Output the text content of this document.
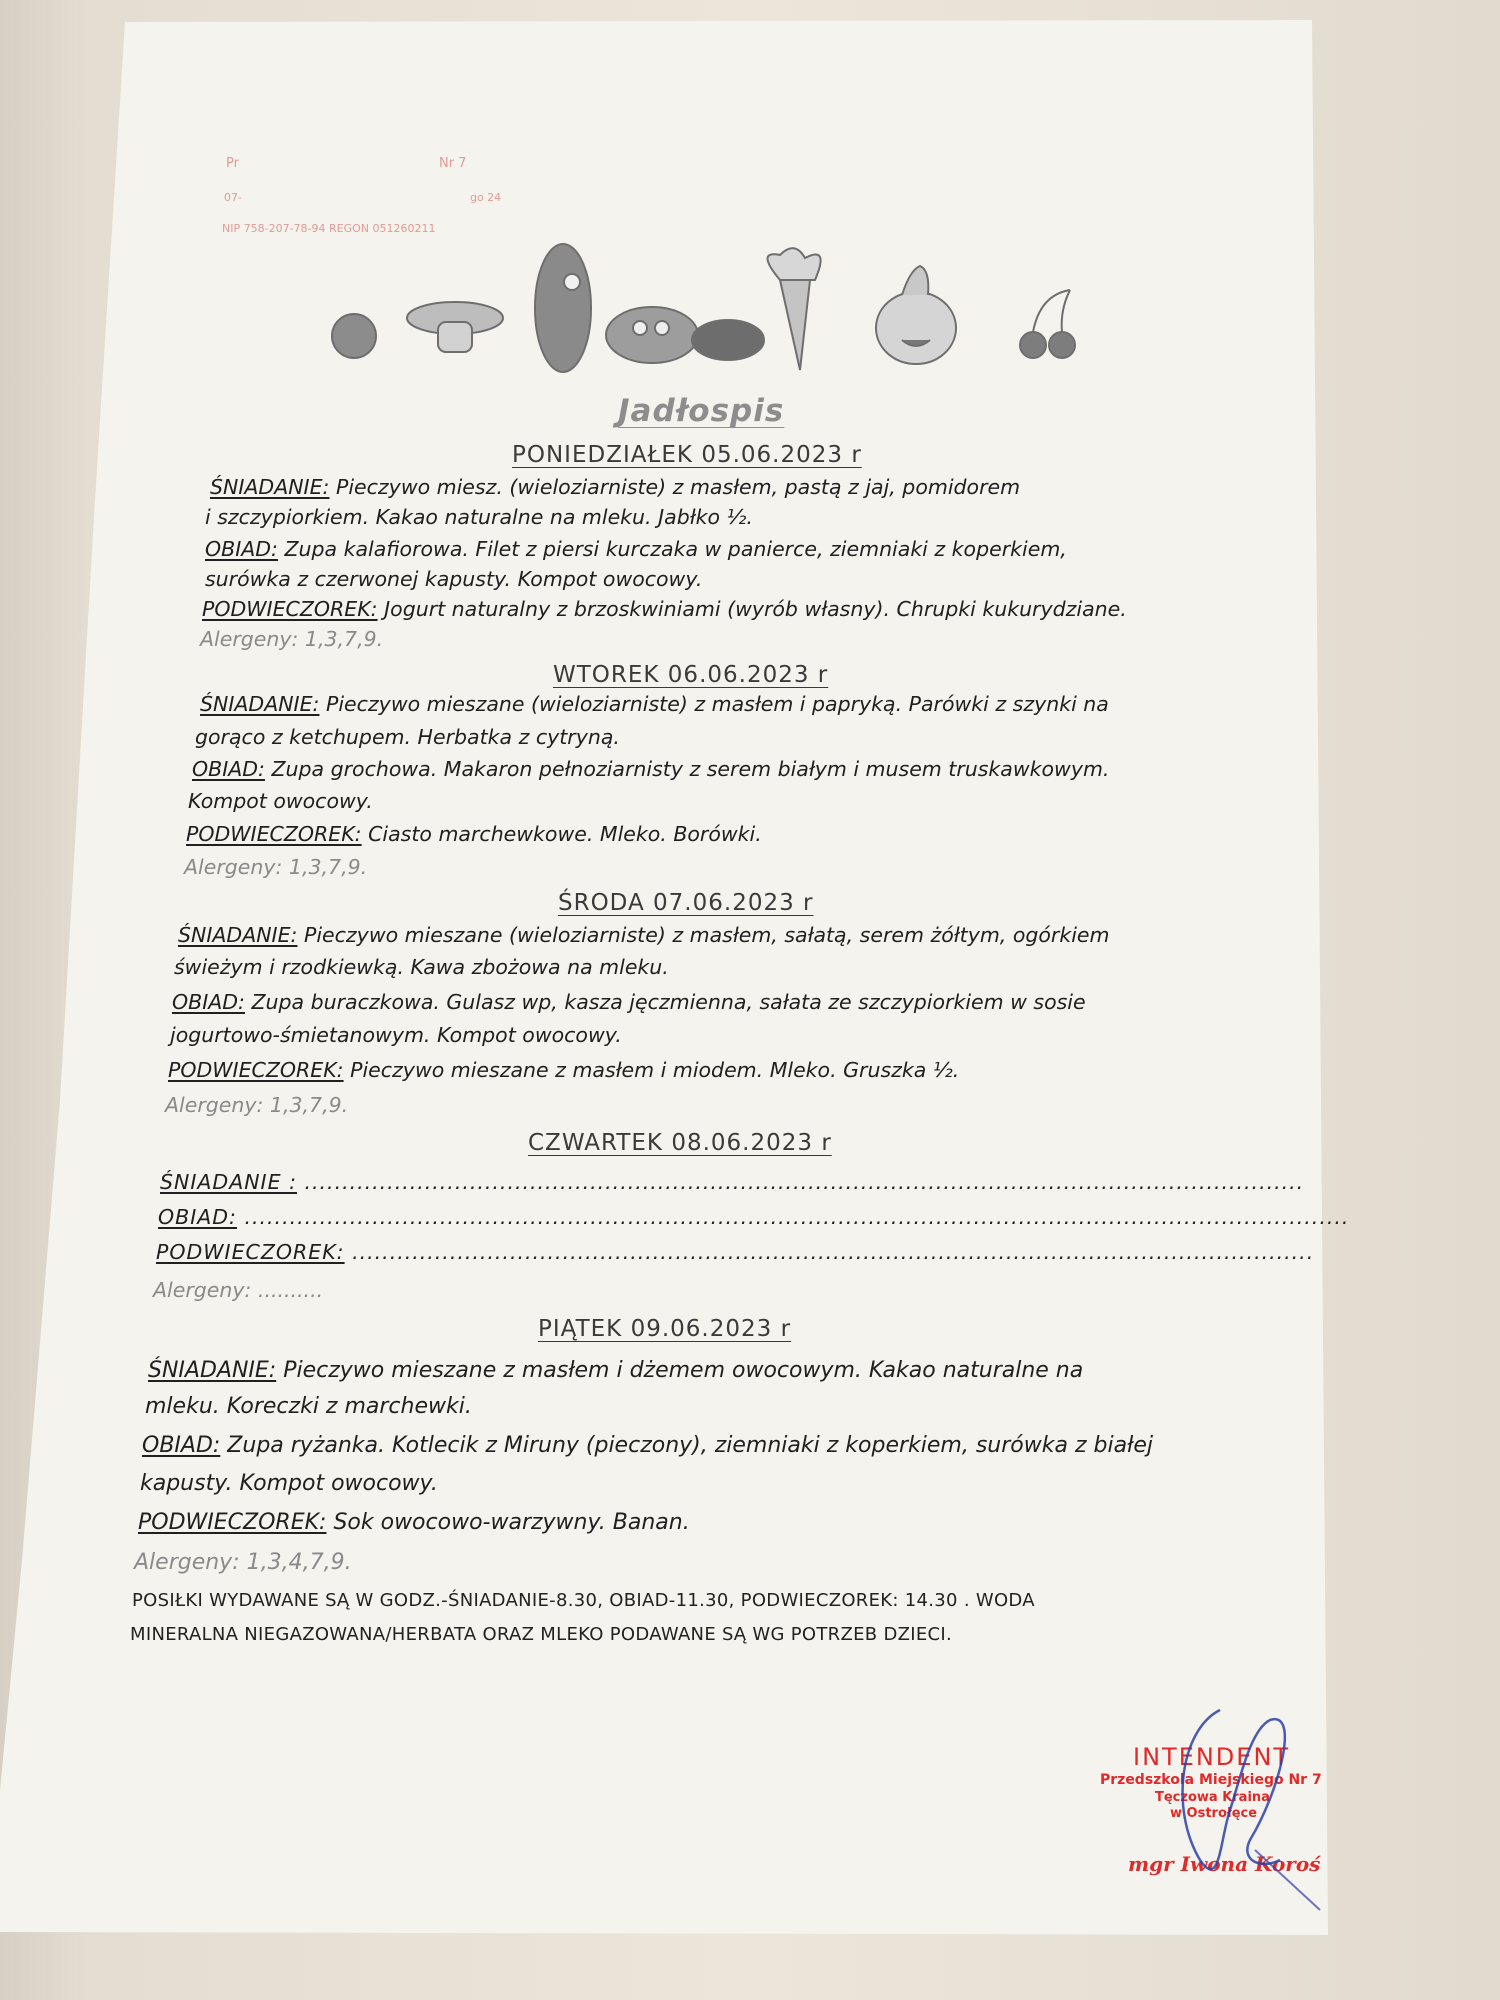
Pr	Nr 7
07-	go 24
NIP 758-207-78-94 REGON 051260211
Jadłospis
PONIEDZIAŁEK 05.06.2023 r
ŚNIADANIE: Pieczywo miesz. (wieloziarniste) z masłem, pastą z jaj, pomidorem
i szczypiorkiem. Kakao naturalne na mleku. Jabłko ½.
OBIAD: Zupa kalafiorowa. Filet z piersi kurczaka w panierce, ziemniaki z koperkiem,
surówka z czerwonej kapusty. Kompot owocowy.
PODWIECZOREK: Jogurt naturalny z brzoskwiniami (wyrób własny). Chrupki kukurydziane.
Alergeny: 1,3,7,9.
WTOREK 06.06.2023 r
ŚNIADANIE: Pieczywo mieszane (wieloziarniste) z masłem i papryką. Parówki z szynki na
gorąco z ketchupem. Herbatka z cytryną.
OBIAD: Zupa grochowa. Makaron pełnoziarnisty z serem białym i musem truskawkowym.
Kompot owocowy.
PODWIECZOREK: Ciasto marchewkowe. Mleko. Borówki.
Alergeny: 1,3,7,9.
ŚRODA 07.06.2023 r
ŚNIADANIE: Pieczywo mieszane (wieloziarniste) z masłem, sałatą, serem żółtym, ogórkiem
świeżym i rzodkiewką. Kawa zbożowa na mleku.
OBIAD: Zupa buraczkowa. Gulasz wp, kasza jęczmienna, sałata ze szczypiorkiem w sosie
jogurtowo-śmietanowym. Kompot owocowy.
PODWIECZOREK: Pieczywo mieszane z masłem i miodem. Mleko. Gruszka ½.
Alergeny: 1,3,7,9.
CZWARTEK 08.06.2023 r
ŚNIADANIE : .....................................................................................................................................
OBIAD: ...................................................................................................................................................
PODWIECZOREK: ................................................................................................................................
Alergeny: ..........
PIĄTEK 09.06.2023 r
ŚNIADANIE: Pieczywo mieszane z masłem i dżemem owocowym. Kakao naturalne na
mleku. Koreczki z marchewki.
OBIAD: Zupa ryżanka. Kotlecik z Miruny (pieczony), ziemniaki z koperkiem, surówka z białej
kapusty. Kompot owocowy.
PODWIECZOREK: Sok owocowo-warzywny. Banan.
Alergeny: 1,3,4,7,9.
POSIŁKI WYDAWANE SĄ W GODZ.-ŚNIADANIE-8.30, OBIAD-11.30, PODWIECZOREK: 14.30 . WODA
MINERALNA NIEGAZOWANA/HERBATA ORAZ MLEKO PODAWANE SĄ WG POTRZEB DZIECI.
INTENDENT
Przedszkola Miejskiego Nr 7
Tęczowa Kraina
w Ostrołęce
mgr Iwona Koroś
